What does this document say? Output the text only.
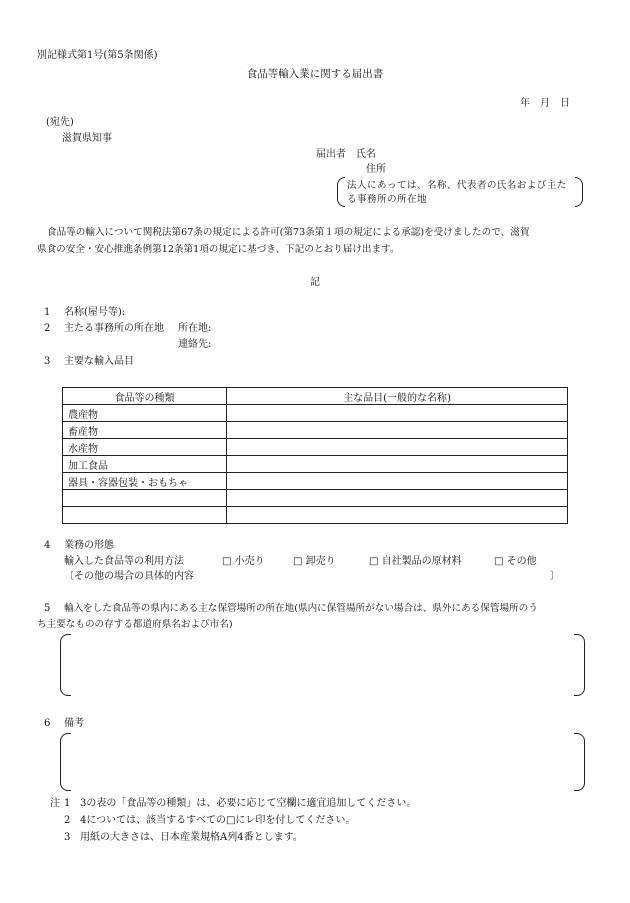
別記様式第1号(第5条関係)
食品等輸入業に関する届出書
年　月　日
(宛先)
滋賀県知事
届出者 氏名
住所
法人にあっては、名称、代表者の氏名および主たる事務所の所在地
食品等の輸入について関税法第67条の規定による許可(第73条第１項の規定による承認)を受けましたので、滋賀
県食の安全・安心推進条例第12条第1項の規定に基づき、下記のとおり届け出ます。
記
1 名称(屋号等):
2 主たる事務所の所在地 所在地:
連絡先:
3 主要な輸入品目
食品等の種類	主な品目(一般的な名称)
農産物	
畜産物	
水産物	
加工食品	
器具・容器包装・おもちゃ	

4 業務の形態
輸入した食品等の利用方法	□ 小売り	□ 卸売り	□ 自社製品の原材料	□ その他
〔その他の場合の具体的内容	〕
5 輸入をした食品等の県内にある主な保管場所の所在地(県内に保管場所がない場合は、県外にある保管場所のう
ち主要なものの存する都道府県名および市名)
6 備考
注 1 3の表の「食品等の種類」は、必要に応じて空欄に適宜追加してください。
2 4については、該当するすべての□にレ印を付してください。
3 用紙の大きさは、日本産業規格A列4番とします。
